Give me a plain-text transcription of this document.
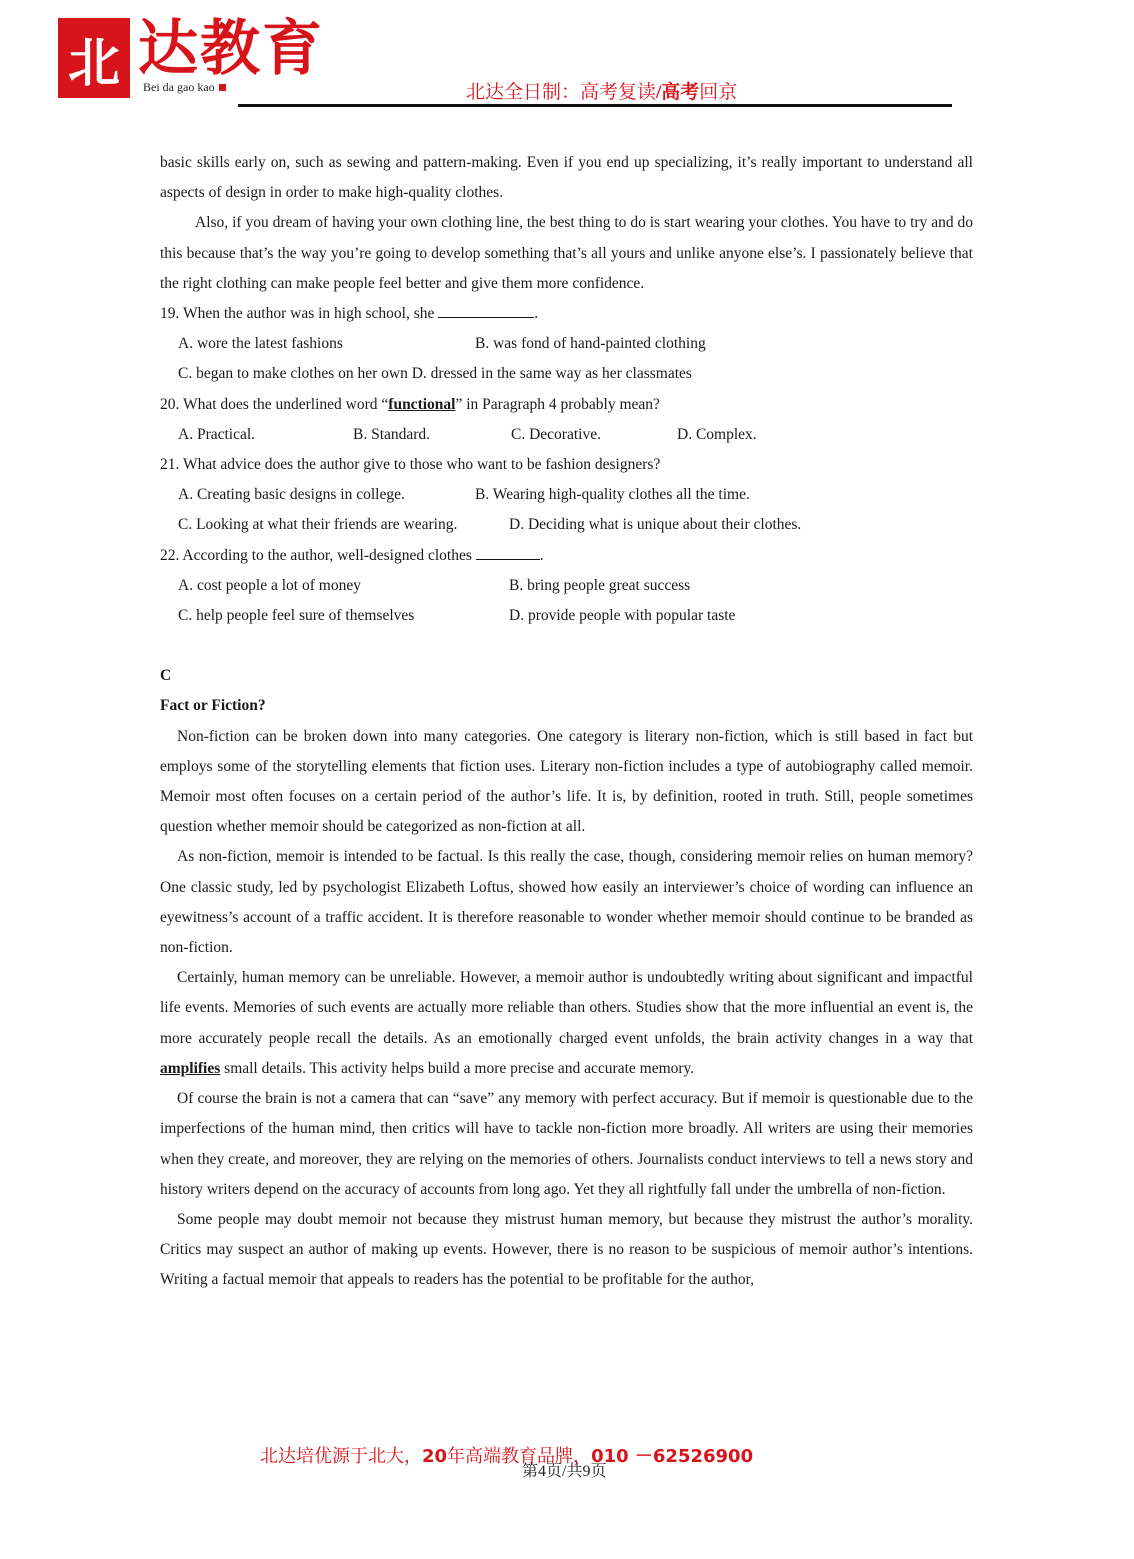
北 达教育
Bei da gao kao	北达全日制：高考复读/高考回京

basic skills early on, such as sewing and pattern-making. Even if you end up specializing, it’s really important to understand all aspects of design in order to make high-quality clothes.

Also, if you dream of having your own clothing line, the best thing to do is start wearing your clothes. You have to try and do this because that’s the way you’re going to develop something that’s all yours and unlike anyone else’s. I passionately believe that the right clothing can make people feel better and give them more confidence.

19. When the author was in high school, she	.

A. wore the latest fashions	B. was fond of hand-painted clothing
C. began to make clothes on her own
D. dressed in the same way as her classmates

20. What does the underlined word “functional” in Paragraph 4 probably mean?

A. Practical.	B. Standard.	C. Decorative.	D. Complex.

21. What advice does the author give to those who want to be fashion designers?

A. Creating basic designs in college.	B. Wearing high-quality clothes all the time.
C. Looking at what their friends are wearing.	D. Deciding what is unique about their clothes.

22. According to the author, well-designed clothes	.

A. cost people a lot of money	B. bring people great success
C. help people feel sure of themselves	D. provide people with popular taste

C

Fact or Fiction?

Non-fiction can be broken down into many categories. One category is literary non-fiction, which is still based in fact but employs some of the storytelling elements that fiction uses. Literary non-fiction includes a type of autobiography called memoir. Memoir most often focuses on a certain period of the author’s life. It is, by definition, rooted in truth. Still, people sometimes question whether memoir should be categorized as non-fiction at all.

As non-fiction, memoir is intended to be factual. Is this really the case, though, considering memoir relies on human memory? One classic study, led by psychologist Elizabeth Loftus, showed how easily an interviewer’s choice of wording can influence an eyewitness’s account of a traffic accident. It is therefore reasonable to wonder whether memoir should continue to be branded as non-fiction.

Certainly, human memory can be unreliable. However, a memoir author is undoubtedly writing about significant and impactful life events. Memories of such events are actually more reliable than others. Studies show that the more influential an event is, the more accurately people recall the details. As an emotionally charged event unfolds, the brain activity changes in a way that amplifies small details. This activity helps build a more precise and accurate memory.

Of course the brain is not a camera that can “save” any memory with perfect accuracy. But if memoir is questionable due to the imperfections of the human mind, then critics will have to tackle non-fiction more broadly. All writers are using their memories when they create, and moreover, they are relying on the memories of others. Journalists conduct interviews to tell a news story and history writers depend on the accuracy of accounts from long ago. Yet they all rightfully fall under the umbrella of non-fiction.

Some people may doubt memoir not because they mistrust human memory, but because they mistrust the author’s morality. Critics may suspect an author of making up events. However, there is no reason to be suspicious of memoir author’s intentions. Writing a factual memoir that appeals to readers has the potential to be profitable for the author,

北达培优源于北大，20年高端教育品牌，010 －62526900
第4页/共9页
